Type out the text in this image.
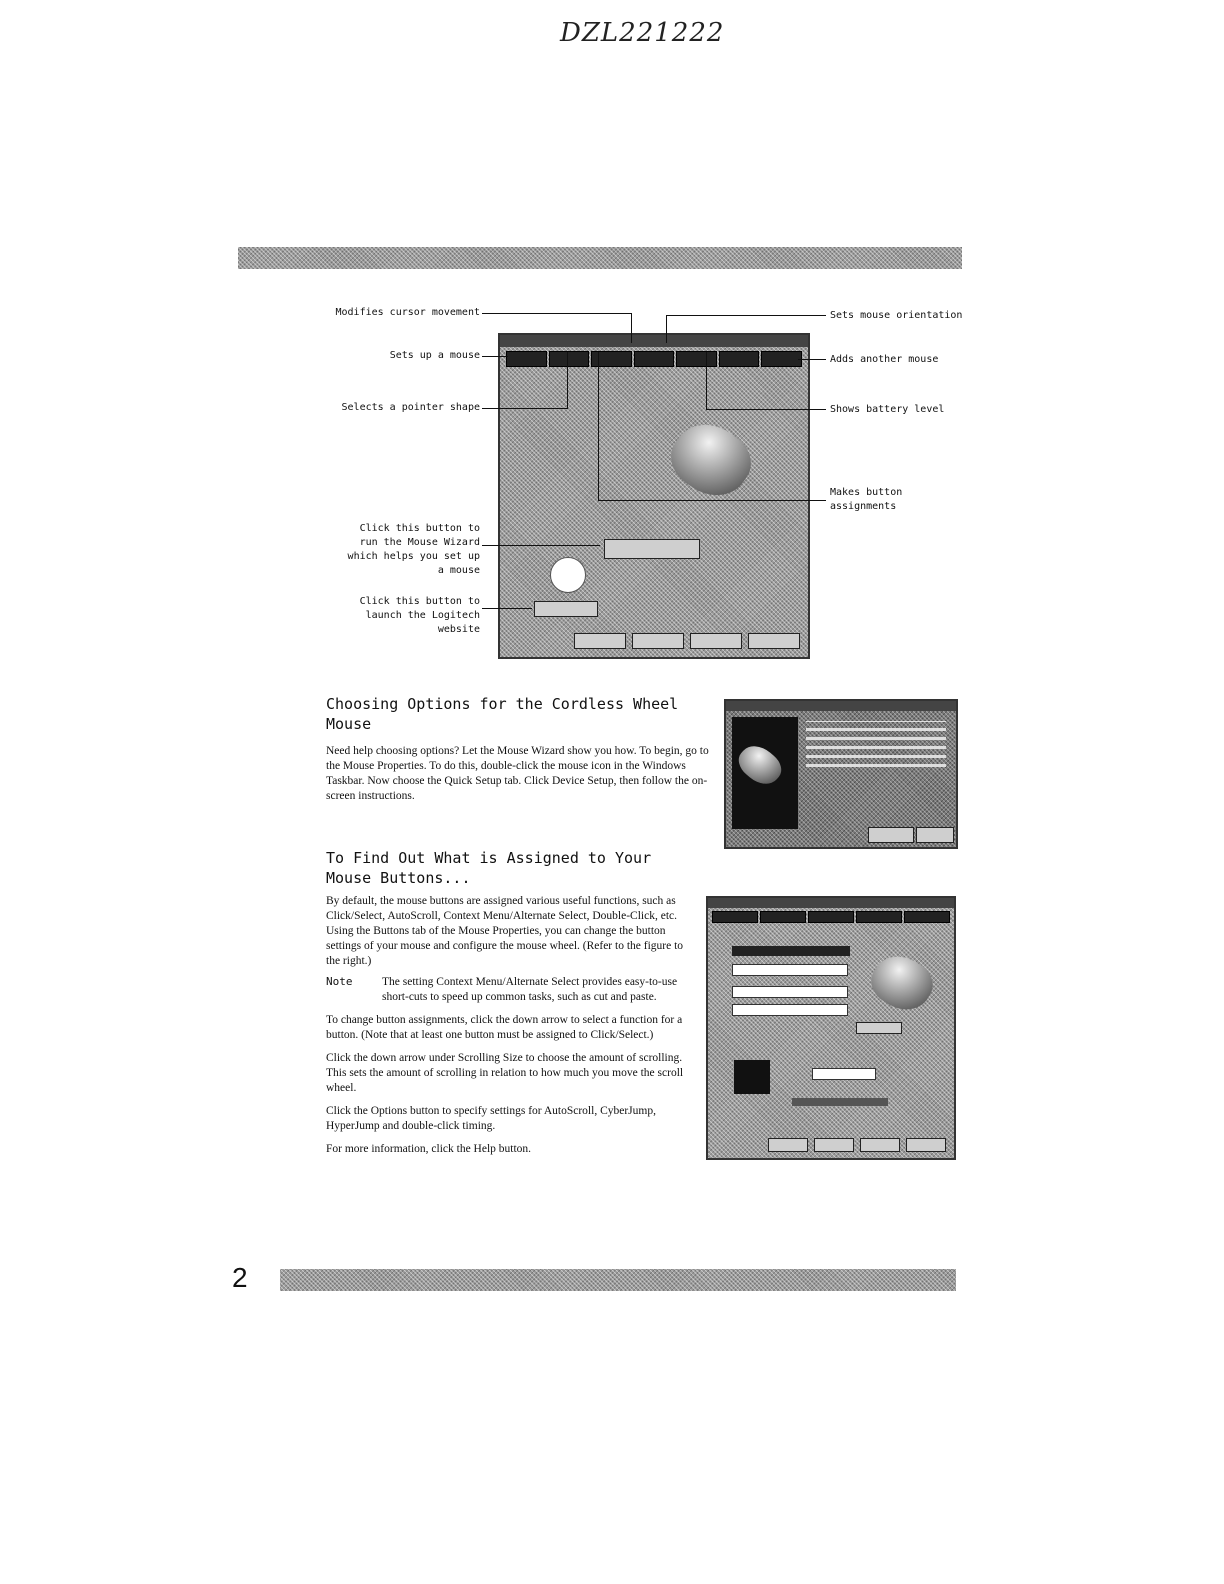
DZL221222
Modifies cursor movement
Sets up a mouse
Selects a pointer shape
Click this button to run the Mouse Wizard which helps you set up a mouse
Click this button to launch the Logitech website
Sets mouse orientation
Adds another mouse
Shows battery level
Makes button assignments
Choosing Options for the Cordless Wheel Mouse

Need help choosing options? Let the Mouse Wizard show you how. To begin, go to the Mouse Properties. To do this, double-click the mouse icon in the Windows Taskbar. Now choose the Quick Setup tab. Click Device Setup, then follow the on-screen instructions.

To Find Out What is Assigned to Your Mouse Buttons...

By default, the mouse buttons are assigned various useful functions, such as Click/Select, AutoScroll, Context Menu/Alternate Select, Double-Click, etc. Using the Buttons tab of the Mouse Properties, you can change the button settings of your mouse and configure the mouse wheel. (Refer to the figure to the right.)

Note	The setting Context Menu/Alternate Select provides easy-to-use short-cuts to speed up common tasks, such as cut and paste.

To change button assignments, click the down arrow to select a function for a button. (Note that at least one button must be assigned to Click/Select.)

Click the down arrow under Scrolling Size to choose the amount of scrolling. This sets the amount of scrolling in relation to how much you move the scroll wheel.

Click the Options button to specify settings for AutoScroll, CyberJump, HyperJump and double-click timing.

For more information, click the Help button.

2
